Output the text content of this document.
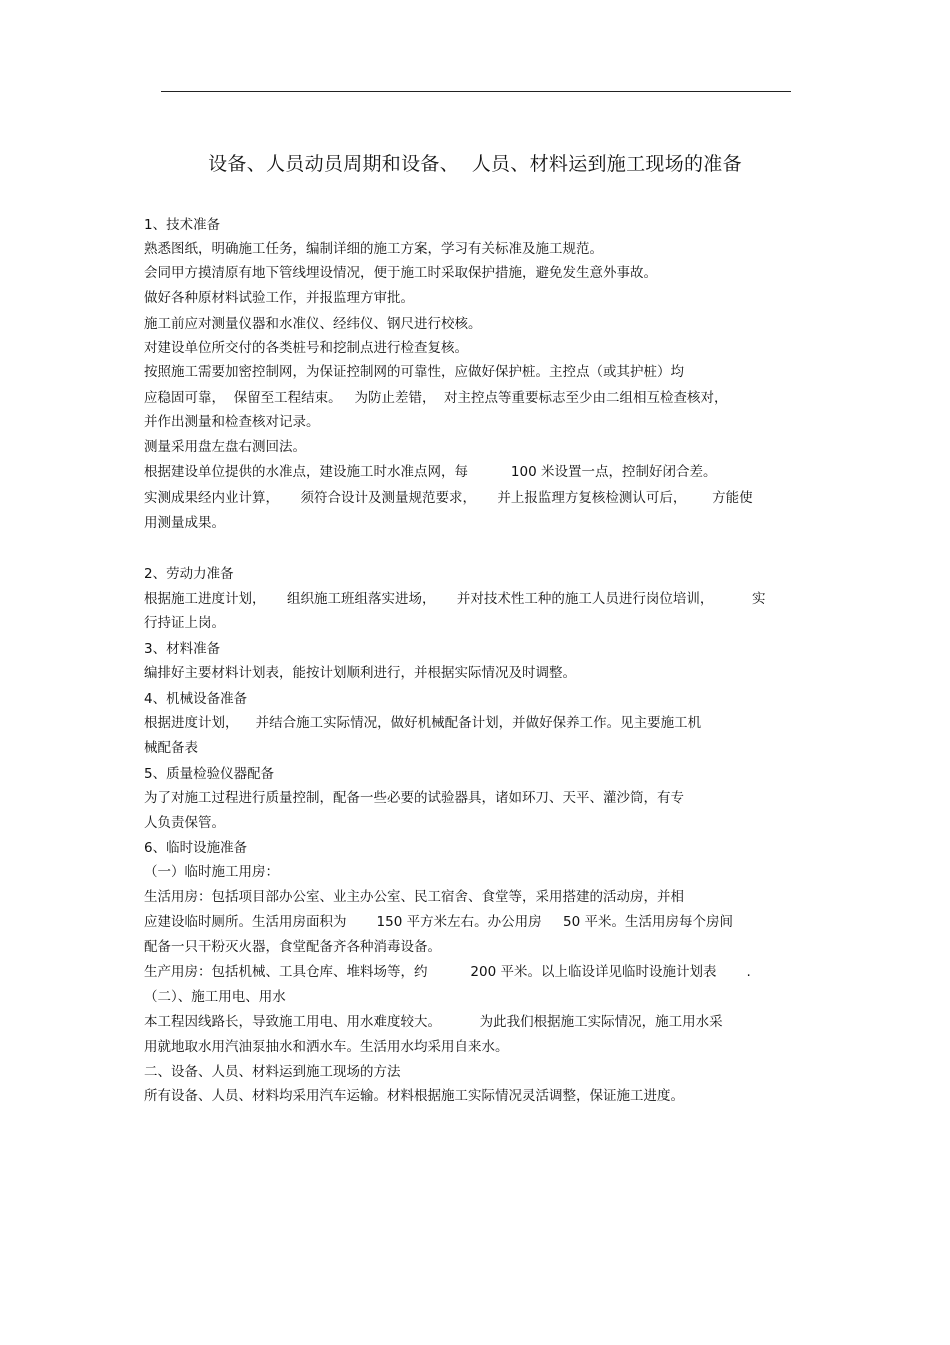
设备、人员动员周期和设备、  人员、材料运到施工现场的准备
1、技术准备
熟悉图纸，明确施工任务，编制详细的施工方案，学习有关标准及施工规范。
会同甲方摸清原有地下管线埋设情况，便于施工时采取保护措施，避免发生意外事故。
做好各种原材料试验工作，并报监理方审批。
施工前应对测量仪器和水准仪、经纬仪、钢尺进行校核。
对建设单位所交付的各类桩号和挖制点进行检查复核。
按照施工需要加密控制网，为保证控制网的可靠性，应做好保护桩。主控点（或其护桩）均
应稳固可靠，  保留至工程结束。   为防止差错，  对主控点等重要标志至少由二组相互检查核对，
并作出测量和检查核对记录。
测量采用盘左盘右测回法。
根据建设单位提供的水准点，建设施工时水准点网，每          100 米设置一点，控制好闭合差。
实测成果经内业计算，     须符合设计及测量规范要求，     并上报监理方复核检测认可后，      方能使
用测量成果。
2、劳动力准备
根据施工进度计划，     组织施工班组落实进场，     并对技术性工种的施工人员进行岗位培训，         实
行持证上岗。
3、材料准备
编排好主要材料计划表，能按计划顺利进行，并根据实际情况及时调整。
4、机械设备准备
根据进度计划，    并结合施工实际情况，做好机械配备计划，并做好保养工作。见主要施工机
械配备表
5、质量检验仪器配备
为了对施工过程进行质量控制，配备一些必要的试验器具，诸如环刀、天平、灌沙筒，有专
人负责保管。
6、临时设施准备
（一）临时施工用房：
生活用房：包括项目部办公室、业主办公室、民工宿舍、食堂等，采用搭建的活动房，并相
应建设临时厕所。生活用房面积为       150 平方米左右。办公用房     50 平米。生活用房每个房间
配备一只干粉灭火器，食堂配备齐各种消毒设备。
生产用房：包括机械、工具仓库、堆料场等，约          200 平米。以上临设详见临时设施计划表       .
（二）、施工用电、用水
本工程因线路长，导致施工用电、用水难度较大。         为此我们根据施工实际情况，施工用水采
用就地取水用汽油泵抽水和洒水车。生活用水均采用自来水。
二、设备、人员、材料运到施工现场的方法
所有设备、人员、材料均采用汽车运输。材料根据施工实际情况灵活调整，保证施工进度。
